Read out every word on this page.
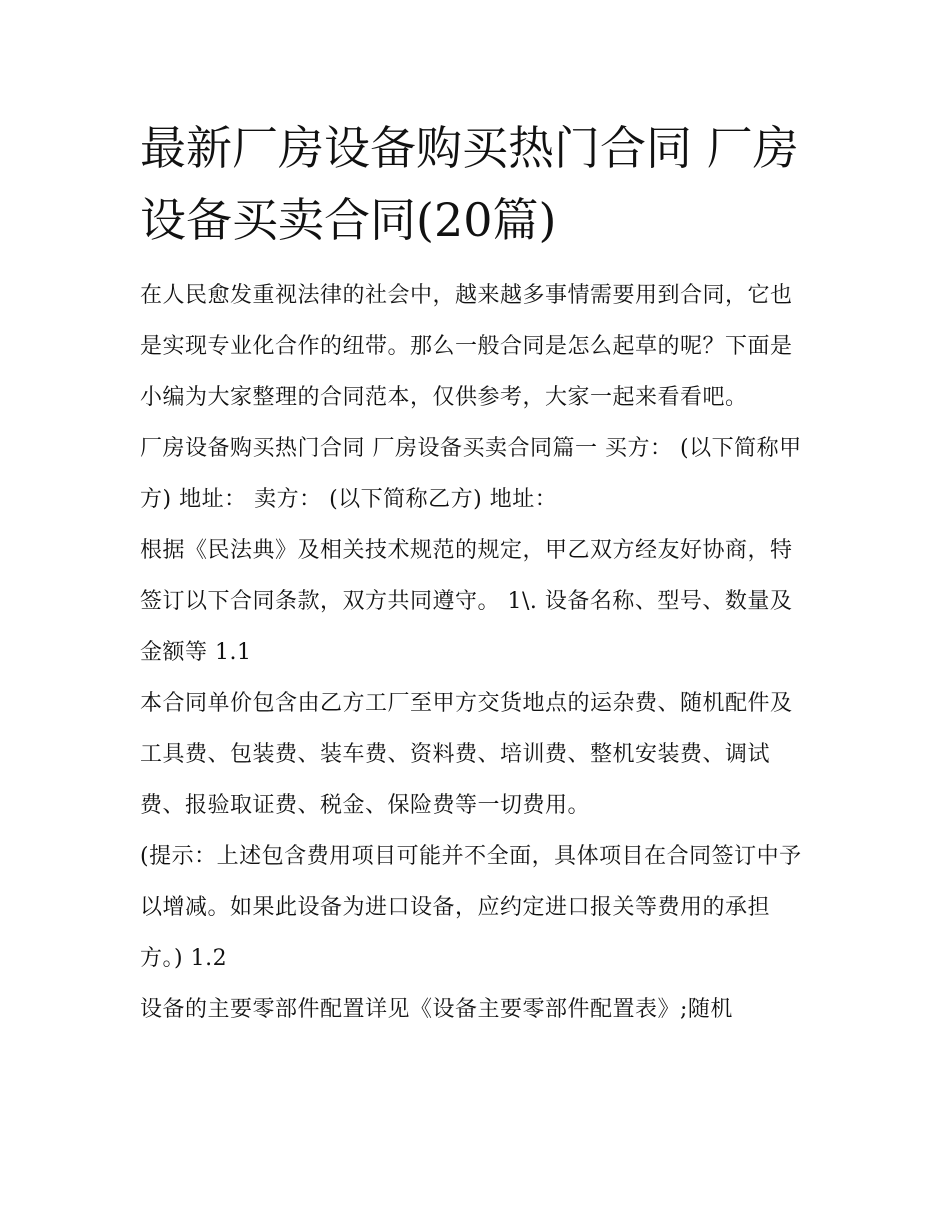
最新厂房设备购买热门合同 厂房设备买卖合同(20篇)

在人民愈发重视法律的社会中，越来越多事情需要用到合同，它也是实现专业化合作的纽带。那么一般合同是怎么起草的呢？下面是小编为大家整理的合同范本，仅供参考，大家一起来看看吧。

厂房设备购买热门合同 厂房设备买卖合同篇一 买方： (以下简称甲方) 地址： 卖方： (以下简称乙方) 地址：

根据《民法典》及相关技术规范的规定，甲乙双方经友好协商，特签订以下合同条款，双方共同遵守。 1\. 设备名称、型号、数量及金额等 1.1

本合同单价包含由乙方工厂至甲方交货地点的运杂费、随机配件及工具费、包装费、装车费、资料费、培训费、整机安装费、调试费、报验取证费、税金、保险费等一切费用。

(提示：上述包含费用项目可能并不全面，具体项目在合同签订中予以增减。如果此设备为进口设备，应约定进口报关等费用的承担方。) 1.2

设备的主要零部件配置详见《设备主要零部件配置表》;随机
